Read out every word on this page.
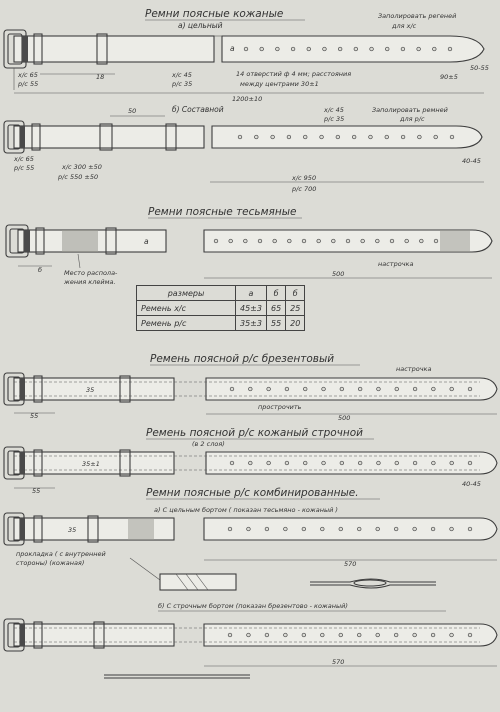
Ремни поясные кожаные
а) цельный
Заполировать регеней
для х/с
а
х/с 65
р/с 55
18	х/с 45
р/с 35
14 отверстий ф 4 мм; расстояния
между центрами 30±1
50-55
90±5
1200±10
б) Составной	Заполировать ремней
для р/с
50	х/с 45
р/с 35
х/с 65
р/с 55	х/с 300 ±50
р/с 550 ±50
40-45
х/с 950
р/с 700
Ремни поясные тесьмяные
а
б	Место распола-
жения клейма.
настрочка
500
Ремень поясной р/с брезентовый
настрочка
35
прострочить
55	500
Ремень поясной р/с кожаный строчной
(в 2 слоя)
35±1
55
40-45
Ремни поясные р/с комбинированные.
а) С цельным бортом ( показан тесьмяно - кожаный )
35
прокладка ( с внутренней
стороны) (кожаная)	570
б) С строчным бортом (показан брезентово - кожаный)
570
размеры	а	б	б
Ремень х/с	45±3	65	25
Ремень р/с	35±3	55	20
